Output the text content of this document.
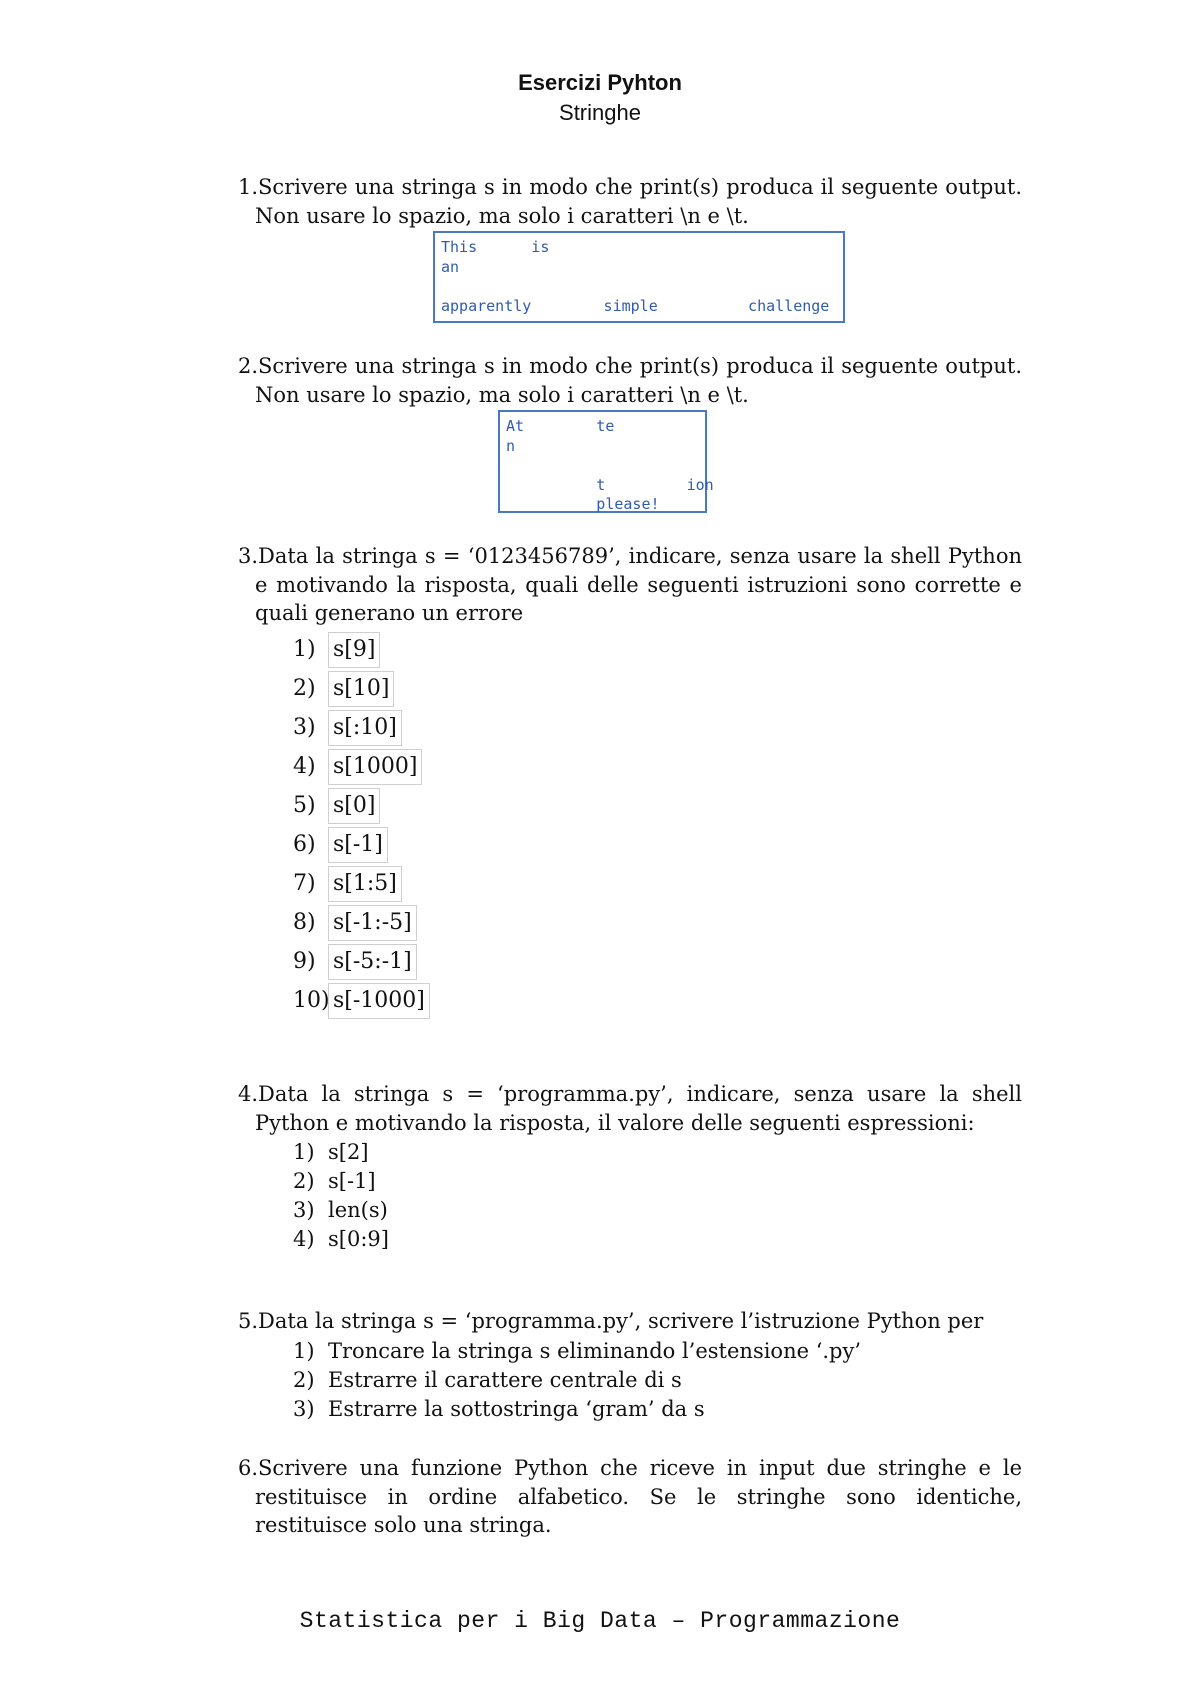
Esercizi Pyhton
Stringhe
1.Scrivere una stringa s in modo che print(s) produca il seguente output. Non usare lo spazio, ma solo i caratteri \n e \t.
This      is
an

apparently        simple          challenge
2.Scrivere una stringa s in modo che print(s) produca il seguente output. Non usare lo spazio, ma solo i caratteri \n e \t.
At        te
n

t         ion
please!
3.Data la stringa s = ‘0123456789’, indicare, senza usare la shell Python e motivando la risposta, quali delle seguenti istruzioni sono corrette e quali generano un errore
1) s[9]
2) s[10]
3) s[:10]
4) s[1000]
5) s[0]
6) s[-1]
7) s[1:5]
8) s[-1:-5]
9) s[-5:-1]
10) s[-1000]
4.Data la stringa s = ‘programma.py’, indicare, senza usare la shell Python e motivando la risposta, il valore delle seguenti espressioni:
1) s[2]
2) s[-1]
3) len(s)
4) s[0:9]
5.Data la stringa s = ‘programma.py’, scrivere l’istruzione Python per
1) Troncare la stringa s eliminando l’estensione ‘.py’
2) Estrarre il carattere centrale di s
3) Estrarre la sottostringa ‘gram’ da s
6.Scrivere una funzione Python che riceve in input due stringhe e le restituisce in ordine alfabetico. Se le stringhe sono identiche, restituisce solo una stringa.
Statistica per i Big Data – Programmazione
